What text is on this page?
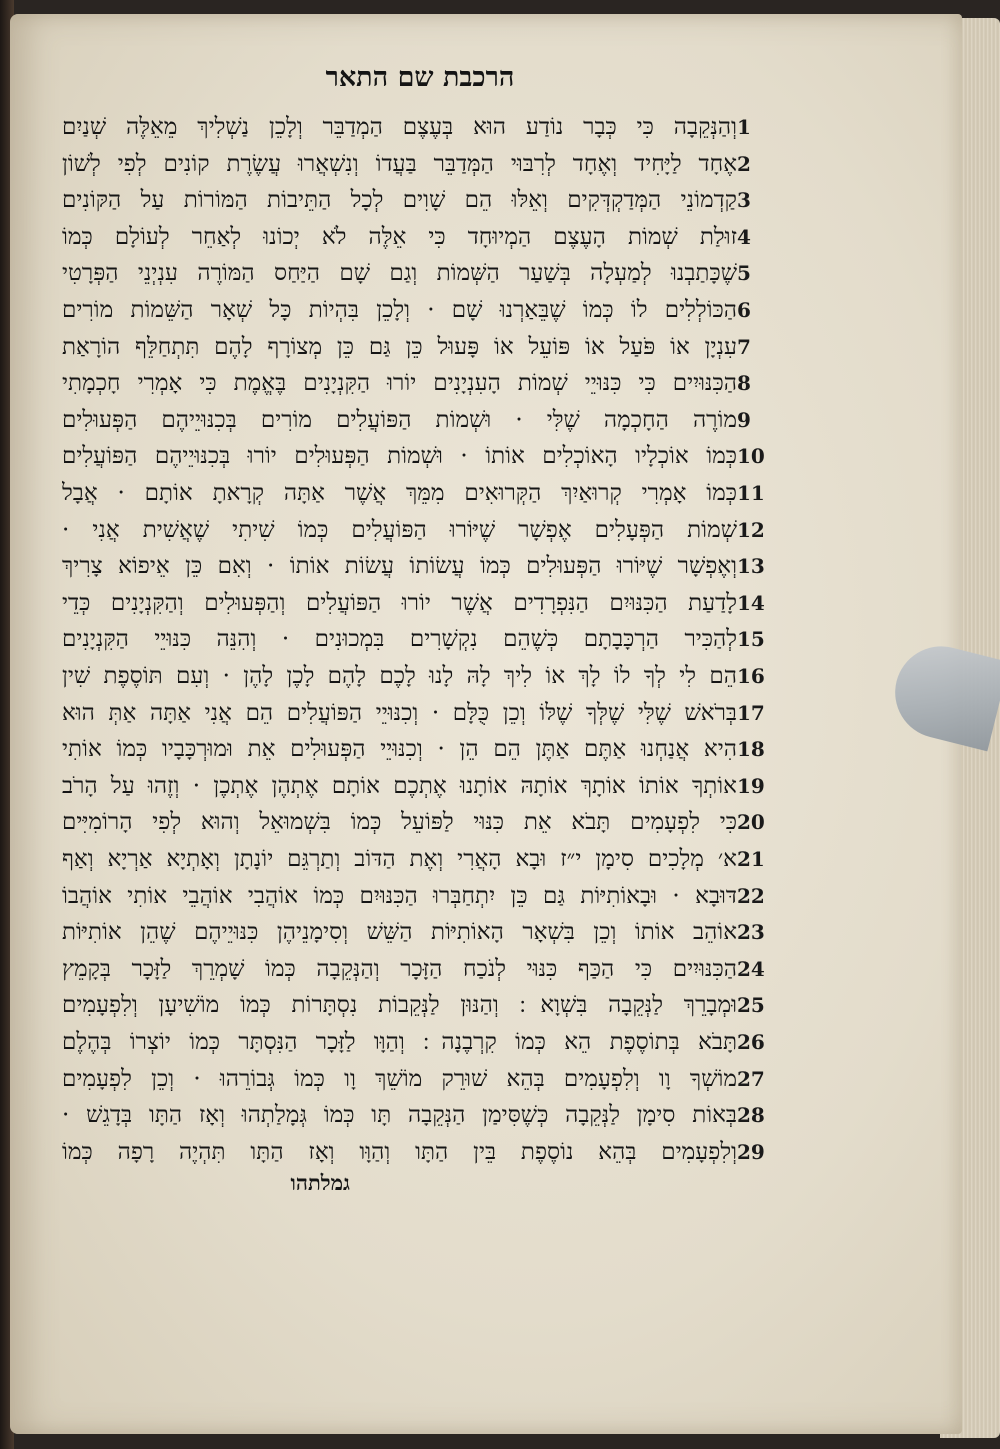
הרכבת שם התאר
וְהַנְּקֵבָה כִּי כְּבָר נוֹדַע הוּא בְּעֶצֶם הַמְדַבֵּר וְלָכֵן נַשְׁלִיךְ מֵאֵלֶּה שְׁנַיִם 1
אֶחָד לַיָּחִיד וְאֶחָד לְרִבּוּי הַמְּדַבֵּר בַּעֲדוֹ וְנִשְׁאֲרוּ עֲשֶׂרֶת קוֹנִים לְפִי לְשׁוֹן 2
קַדְמוֹנֵי הַמְּדַקְדְּקִים וְאֵלּוּ הֵם שָׁוִים לְכָל הַתֵּיבוֹת הַמּוֹרוֹת עַל הַקּוֹנִים 3
זוּלַת שְׁמוֹת הָעֶצֶם הַמְיוּחָד כִּי אֵלֶּה לֹא יְכוֹנוּ לְאַחֵר לְעוֹלָם כְּמוֹ 4
שֶׁכָּתַבְנוּ לְמַעְלָה בְּשַׁעַר הַשְּׁמוֹת וְגַם שָׁם הַיַּחַס הַמּוֹרֶה עִנְיְנֵי הַפְּרָטִי 5
הַכּוֹלְלִים לוֹ כְּמוֹ שֶׁבֵּאַרְנוּ שָׁם · וְלָכֵן בִּהְיוֹת כָּל שְׁאָר הַשֵּׁמוֹת מוֹרִים 6
עִנְיָן אוֹ פֹּעַל אוֹ פּוֹעֵל אוֹ פָּעוּל כֵּן גַּם כֵּן מְצוֹרָף לָהֶם תִּתְחַלֵּף הוֹרָאַת 7
הַכִּנּוּיִים כִּי כִּנּוּיֵי שְׁמוֹת הָעִנְיָנִים יוֹרוּ הַקִּנְיָנִים בֶּאֱמֶת כִּי אָמְרִי חָכְמָתִי 8
מוֹרֶה הַחָכְמָה שֶׁלִּי · וּשְׁמוֹת הַפּוֹעֲלִים מוֹרִים בְּכִנּוּיֵיהֶם הַפְּעוּלִים 9
כְּמוֹ אוֹכְלָיו הָאוֹכְלִים אוֹתוֹ · וּשְׁמוֹת הַפְּעוּלִים יוֹרוּ בְּכִנּוּיֵיהֶם הַפּוֹעֲלִים 10
כְּמוֹ אָמְרִי קְרוּאַיִךְ הַקְּרוּאִים מִמֵּךְ אֲשֶׁר אַתָּה קְרָאתָ אוֹתָם · אֲבָל 11
שְׁמוֹת הַפְּעָלִים אֶפְשָׁר שֶׁיּוֹרוּ הַפּוֹעֲלִים כְּמוֹ שִׁיתִי שֶׁאֲשִׁית אֲנִי · 12
וְאֶפְשָׁר שֶׁיּוֹרוּ הַפְּעוּלִים כְּמוֹ עֲשׂוֹתוֹ עֲשׂוֹת אוֹתוֹ · וְאִם כֵּן אֵיפוֹא צָרִיךְ 13
לָדַעַת הַכִּנּוּיִם הַנִּפְרָדִים אֲשֶׁר יוֹרוּ הַפּוֹעֲלִים וְהַפְּעוּלִים וְהַקִּנְיָנִים כְּדֵי 14
לְהַכִּיר הַרְכָּבָתָם כְּשֶׁהֵם נִקְשָׁרִים בִּמְכוּנִים · וְהִנֵּה כִּנּוּיֵי הַקִּנְיָנִים 15
הֵם לִי לְךָ לוֹ לָךְ אוֹ לִיךְ לָהּ לָנוּ לָכֶם לָהֶם לָכֶן לָהֶן · וְעִם תּוֹסֶפֶת שִׁין 16
בְּרֹאשׁ שֶׁלִּי שֶׁלְּךָ שֶׁלּוֹ וְכֵן כֻּלָּם · וְכִנּוּיֵי הַפּוֹעֲלִים הֵם אֲנִי אַתָּה אַתְּ הוּא 17
הִיא אֲנַחְנוּ אַתֶּם אַתֶּן הֵם הֵן · וְכִנּוּיֵי הַפְּעוּלִים אֵת וּמוּרְכָּבָיו כְּמוֹ אוֹתִי 18
אוֹתְךָ אוֹתוֹ אוֹתָךְ אוֹתָהּ אוֹתָנוּ אֶתְכֶם אוֹתָם אֶתְהֶן אֶתְכֶן · וְזֶהוּ עַל הָרֹב 19
כִּי לִפְעָמִים תָּבֹא אֵת כִּנּוּי לַפּוֹעֵל כְּמוֹ בִּשְׁמוּאֵל וְהוּא לְפִי הָרוֹמִיִּים 20
א׳ מְלָכִים סִימָן י״ז וּבָא הָאֲרִי וְאֶת הַדּוֹב וְתַרְגֵּם יוֹנָתָן וְאָתְיָא אַרְיָא וְאַף 21
דּוּבָא · וּבָאוֹתִיּוֹת גַּם כֵּן יִתְחַבְּרוּ הַכִּנּוּיִם כְּמוֹ אוֹהֲבִי אוֹהֲבֵי אוֹתִי אוֹהֲבוֹ 22
אוֹהֵב אוֹתוֹ וְכֵן בִּשְׁאָר הָאוֹתִיּוֹת הַשֵּׁשׁ וְסִימָנֵיהֶן כִּנּוּיֵיהֶם שֶׁהֵן אוֹתִיּוֹת 23
הַכִּנּוּיִים כִּי הַכַּף כִּנּוּי לְנֹכַח הַזָּכָר וְהַנְּקֵבָה כְּמוֹ שָׁמְרֵךְ לַזָּכָר בְּקָמֵץ 24
וּמְבָרֵךְ לַנְּקֵבָה בִּשְׁוָא ׃ וְהַנּוּן לַנְּקֵבוֹת נִסְתָּרוֹת כְּמוֹ מוֹשִׁיעָן וְלִפְעָמִים 25
תָּבֹא בְּתוֹסֶפֶת הֵא כְּמוֹ קִרְבֶנָה ׃ וְהַוָּו לַזָּכָר הַנִּסְתָּר כְּמוֹ יוֹצְרוֹ בְּהֶלֶם 26
מוֹשְׁךָ וָו וְלִפְעָמִים בְּהֵא שׁוּרֵק מוֹשֵׁךְ וָו כְּמוֹ גְּבוֹרֵהוּ · וְכֵן לִפְעָמִים 27
בְּאוֹת סִימָן לַנְּקֵבָה כְּשֶׁסִּימַן הַנְּקֵבָה תָּו כְּמוֹ גְּמָלַתְהוּ וְאָז הַתָּו בְּדָגֵשׁ · 28
וְלִפְעָמִים בְּהֵא נוֹסֶפֶת בֵּין הַתָּו וְהַוָּו וְאָז הַתָּו תִּהְיֶה רָפָה כְּמוֹ 29
גמלתהו
